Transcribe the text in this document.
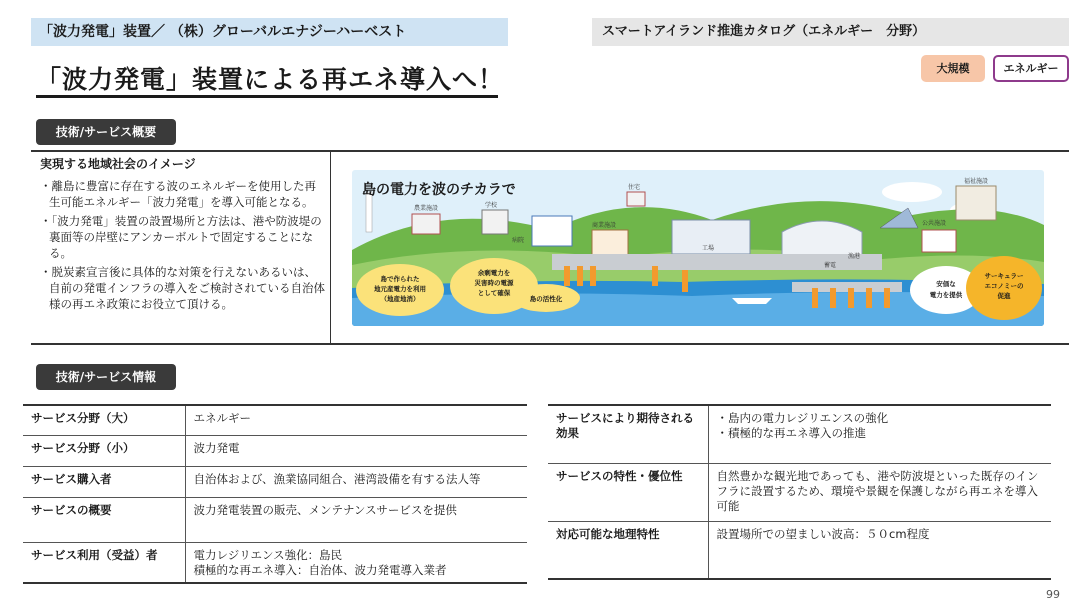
「波力発電」装置／ （株）グローバルエナジーハーベスト	スマートアイランド推進カタログ（エネルギー　分野）
「波力発電」装置による再エネ導入へ！	大規模	エネルギー
技術/サービス概要
実現する地域社会のイメージ
・離島に豊富に存在する波のエネルギーを使用した再生可能エネルギー「波力発電」を導入可能となる。
・「波力発電」装置の設置場所と方法は、港や防波堤の裏面等の岸壁にアンカーボルトで固定することになる。
・脱炭素宣言後に具体的な対策を行えないあるいは、自前の発電インフラの導入をご検討されている自治体様の再エネ政策にお役立て頂ける。
島の電力を波のチカラで
農業施設	学校
住宅
病院
商業施設
工場
公共施設
福祉施設
蓄電
漁港
島で作られた
地元産電力を利用
（地産地消）
余剰電力を
災害時の電源
として確保
島の活性化
安価な
電力を提供
サーキュラー
エコノミーの
促進
技術/サービス情報
サービス分野（大）	エネルギー
サービス分野（小）	波力発電
サービス購入者	自治体および、漁業協同組合、港湾設備を有する法人等
サービスの概要	波力発電装置の販売、メンテナンスサービスを提供
サービス利用（受益）者	電力レジリエンス強化：島民
積極的な再エネ導入：自治体、波力発電導入業者
サービスにより期待される効果	・島内の電力レジリエンスの強化
・積極的な再エネ導入の推進

サービスの特性・優位性	自然豊かな観光地であっても、港や防波堤といった既存のインフラに設置するため、環境や景観を保護しながら再エネを導入可能
対応可能な地理特性	設置場所での望ましい波高：５０cm程度
99
